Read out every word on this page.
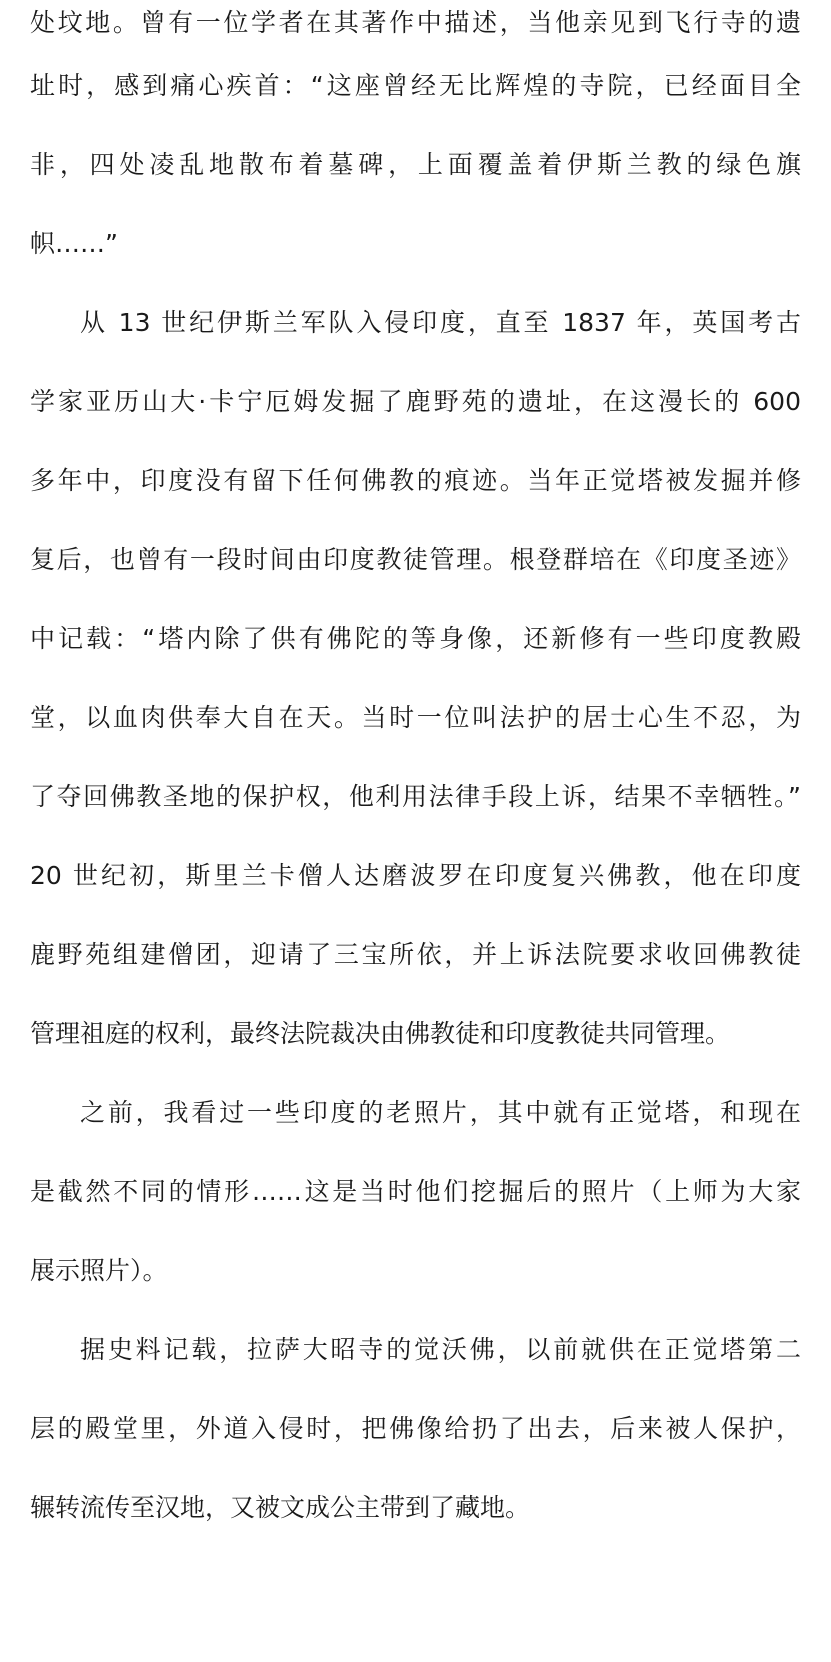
处坟地。曾有一位学者在其著作中描述，当他亲见到飞行寺的遗
址时，感到痛心疾首：“这座曾经无比辉煌的寺院，已经面目全
非，四处凌乱地散布着墓碑，上面覆盖着伊斯兰教的绿色旗
帜……”
从 13 世纪伊斯兰军队入侵印度，直至 1837 年，英国考古
学家亚历山大·卡宁厄姆发掘了鹿野苑的遗址，在这漫长的 600
多年中，印度没有留下任何佛教的痕迹。当年正觉塔被发掘并修
复后，也曾有一段时间由印度教徒管理。根登群培在《印度圣迹》
中记载：“塔内除了供有佛陀的等身像，还新修有一些印度教殿
堂，以血肉供奉大自在天。当时一位叫法护的居士心生不忍，为
了夺回佛教圣地的保护权，他利用法律手段上诉，结果不幸牺牲。”
20 世纪初，斯里兰卡僧人达磨波罗在印度复兴佛教，他在印度
鹿野苑组建僧团，迎请了三宝所依，并上诉法院要求收回佛教徒
管理祖庭的权利，最终法院裁决由佛教徒和印度教徒共同管理。
之前，我看过一些印度的老照片，其中就有正觉塔，和现在
是截然不同的情形……这是当时他们挖掘后的照片（上师为大家
展示照片）。
据史料记载，拉萨大昭寺的觉沃佛，以前就供在正觉塔第二
层的殿堂里，外道入侵时，把佛像给扔了出去，后来被人保护，
辗转流传至汉地，又被文成公主带到了藏地。
